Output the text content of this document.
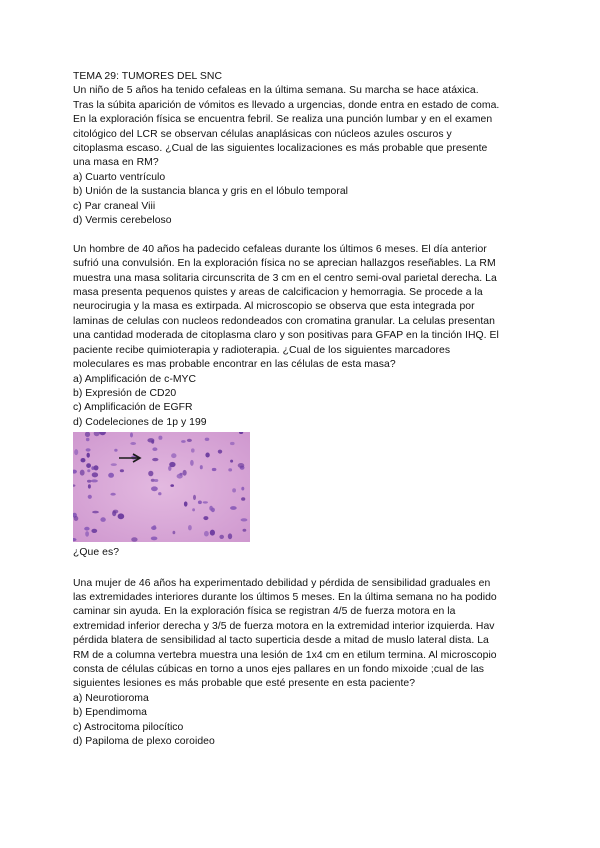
TEMA 29: TUMORES DEL SNC
Un niño de 5 años ha tenido cefaleas en la última semana. Su marcha se hace atáxica.
Tras la súbita aparición de vómitos es llevado a urgencias, donde entra en estado de coma.
En la exploración física se encuentra febril. Se realiza una punción lumbar y en el examen
citológico del LCR se observan células anaplásicas con núcleos azules oscuros y
citoplasma escaso. ¿Cual de las siguientes localizaciones es más probable que presente
una masa en RM?
a) Cuarto ventrículo
b) Unión de la sustancia blanca y gris en el lóbulo temporal
c) Par craneal Viii
d) Vermis cerebeloso
Un hombre de 40 años ha padecido cefaleas durante los últimos 6 meses. El día anterior
sufrió una convulsión. En la exploración física no se aprecian hallazgos reseñables. La RM
muestra una masa solitaria circunscrita de 3 cm en el centro semi-oval parietal derecha. La
masa presenta pequenos quistes y areas de calcificacion y hemorragia. Se procede a la
neurocirugia y la masa es extirpada. Al microscopio se observa que esta integrada por
laminas de celulas con nucleos redondeados con cromatina granular. La celulas presentan
una cantidad moderada de citoplasma claro y son positivas para GFAP en la tinción IHQ. El
paciente recibe quimioterapia y radioterapia. ¿Cual de los siguientes marcadores
moleculares es mas probable encontrar en las células de esta masa?
a) Amplificación de c-MYC
b) Expresión de CD20
c) Amplificación de EGFR
d) Codeleciones de 1p y 199
¿Que es?
Una mujer de 46 años ha experimentado debilidad y pérdida de sensibilidad graduales en
las extremidades interiores durante los últimos 5 meses. En la última semana no ha podido
caminar sin ayuda. En la exploración física se registran 4/5 de fuerza motora en la
extremidad inferior derecha y 3/5 de fuerza motora en la extremidad interior izquierda. Hav
pérdida blatera de sensibilidad al tacto superticia desde a mitad de muslo lateral dista. La
RM de a columna vertebra muestra una lesión de 1x4 cm en etilum termina. Al microscopio
consta de células cúbicas en torno a unos ejes pallares en un fondo mixoide ;cual de las
siguientes lesiones es más probable que esté presente en esta paciente?
a) Neurotioroma
b) Ependimoma
c) Astrocitoma pilocítico
d) Papiloma de plexo coroideo
